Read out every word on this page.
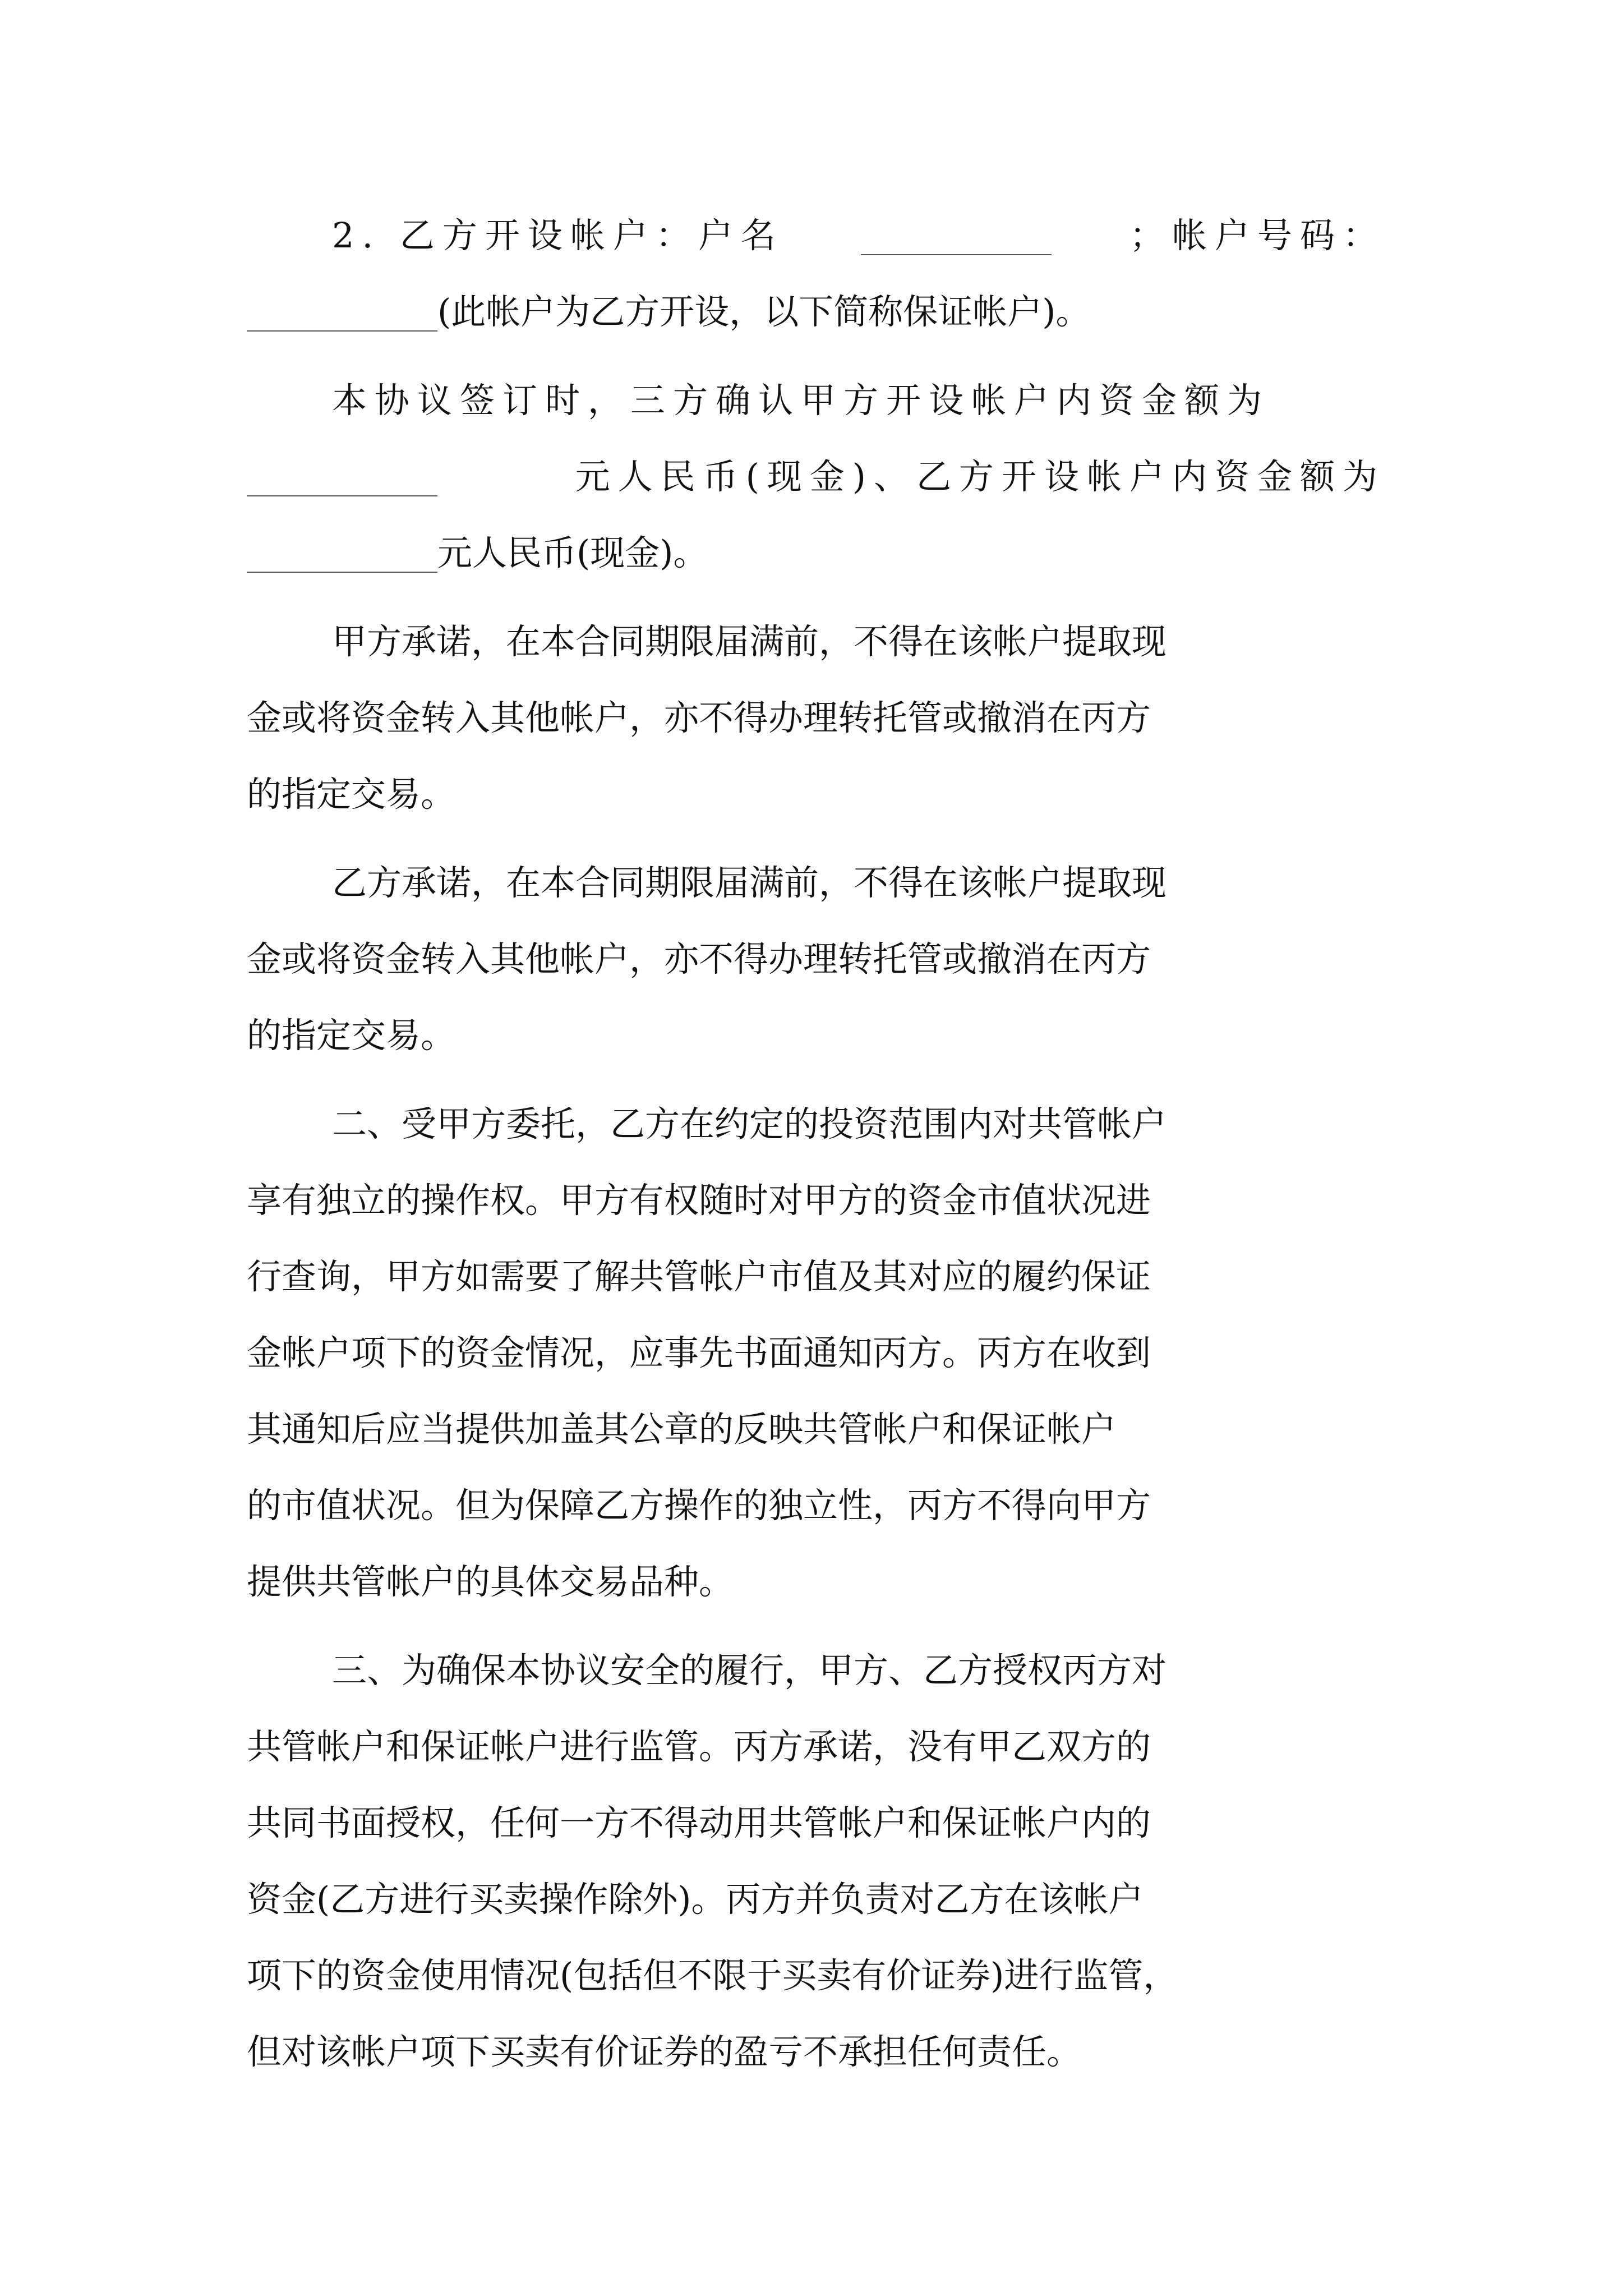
2. 乙方开设帐户：户名	；帐户号码：
(此帐户为乙方开设，以下简称保证帐户)。
本协议签订时，三方确认甲方开设帐户内资金额为
元人民币(现金)、乙方开设帐户内资金额为
元人民币(现金)。
甲方承诺，在本合同期限届满前，不得在该帐户提取现
金或将资金转入其他帐户，亦不得办理转托管或撤消在丙方
的指定交易。
乙方承诺，在本合同期限届满前，不得在该帐户提取现
金或将资金转入其他帐户，亦不得办理转托管或撤消在丙方
的指定交易。
二、受甲方委托，乙方在约定的投资范围内对共管帐户
享有独立的操作权。甲方有权随时对甲方的资金市值状况进
行查询，甲方如需要了解共管帐户市值及其对应的履约保证
金帐户项下的资金情况，应事先书面通知丙方。丙方在收到
其通知后应当提供加盖其公章的反映共管帐户和保证帐户
的市值状况。但为保障乙方操作的独立性，丙方不得向甲方
提供共管帐户的具体交易品种。
三、为确保本协议安全的履行，甲方、乙方授权丙方对
共管帐户和保证帐户进行监管。丙方承诺，没有甲乙双方的
共同书面授权，任何一方不得动用共管帐户和保证帐户内的
资金(乙方进行买卖操作除外)。丙方并负责对乙方在该帐户
项下的资金使用情况(包括但不限于买卖有价证券)进行监管，
但对该帐户项下买卖有价证券的盈亏不承担任何责任。
